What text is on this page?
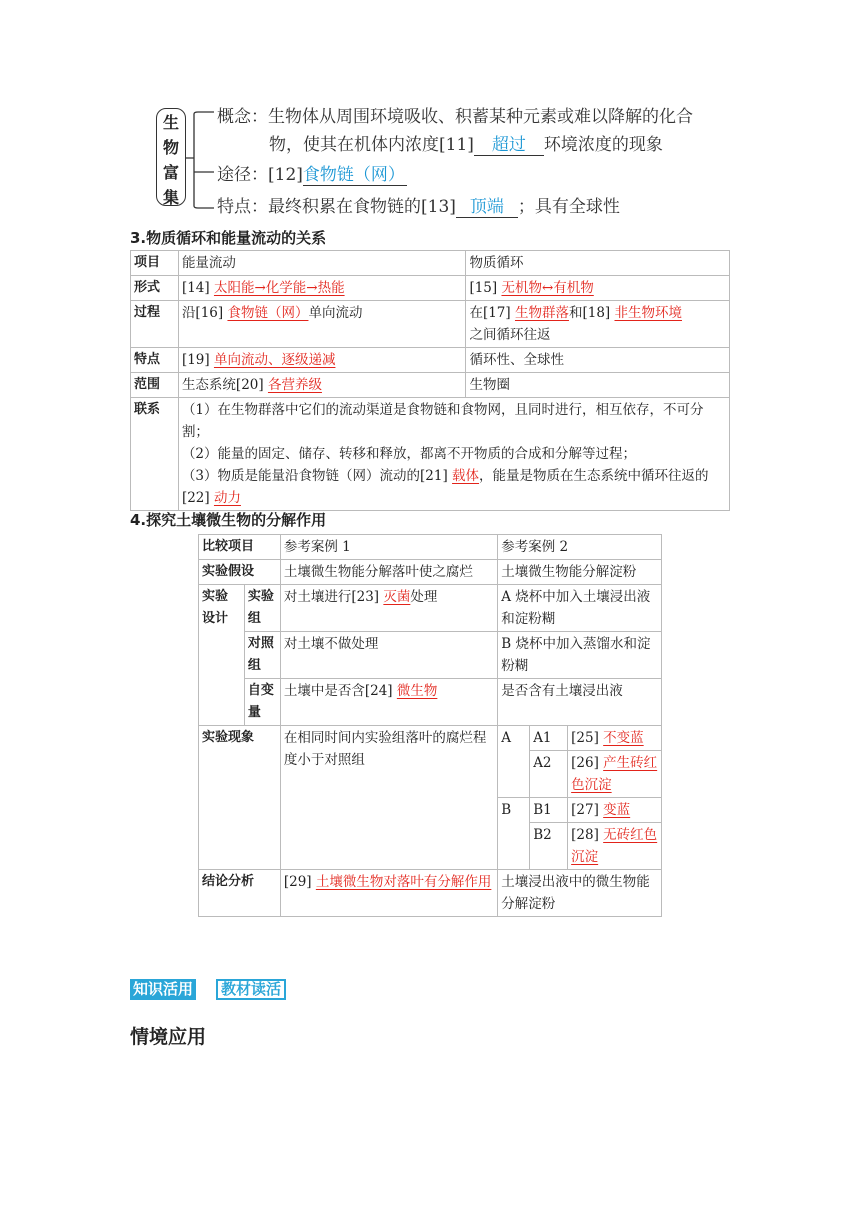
生
物
富
集
概念：生物体从周围环境吸收、积蓄某种元素或难以降解的化合
物，使其在机体内浓度[11] 超过 环境浓度的现象
途径：[12]食物链（网）
特点：最终积累在食物链的[13] 顶端 ；具有全球性
3.物质循环和能量流动的关系
项目	能量流动	物质循环
形式	[14] 太阳能→化学能→热能	[15] 无机物↔有机物
过程	沿[16] 食物链（网）单向流动	在[17] 生物群落和[18] 非生物环境
之间循环往返
特点	[19] 单向流动、逐级递减	循环性、全球性
范围	生态系统[20] 各营养级	生物圈
联系	（1）在生物群落中它们的流动渠道是食物链和食物网，且同时进行，相互依存，不可分割；
（2）能量的固定、储存、转移和释放，都离不开物质的合成和分解等过程；
（3）物质是能量沿食物链（网）流动的[21] 载体，能量是物质在生态系统中循环往返的[22] 动力	
4.探究土壤微生物的分解作用
比较项目		参考案例 1	参考案例 2		
实验假设		土壤微生物能分解落叶使之腐烂	土壤微生物能分解淀粉		
实验设计	实验组	对土壤进行[23] 灭菌处理	A 烧杯中加入土壤浸出液和淀粉糊		
	对照组	对土壤不做处理	B 烧杯中加入蒸馏水和淀粉糊		
	自变量	土壤中是否含[24] 微生物	是否含有土壤浸出液		
实验现象		在相同时间内实验组落叶的腐烂程度小于对照组	A	A1	[25] 不变蓝
				A2	[26] 产生砖红色沉淀
			B	B1	[27] 变蓝
				B2	[28] 无砖红色沉淀
结论分析		[29] 土壤微生物对落叶有分解作用	土壤浸出液中的微生物能分解淀粉		
知识活用	教材读活
情境应用
